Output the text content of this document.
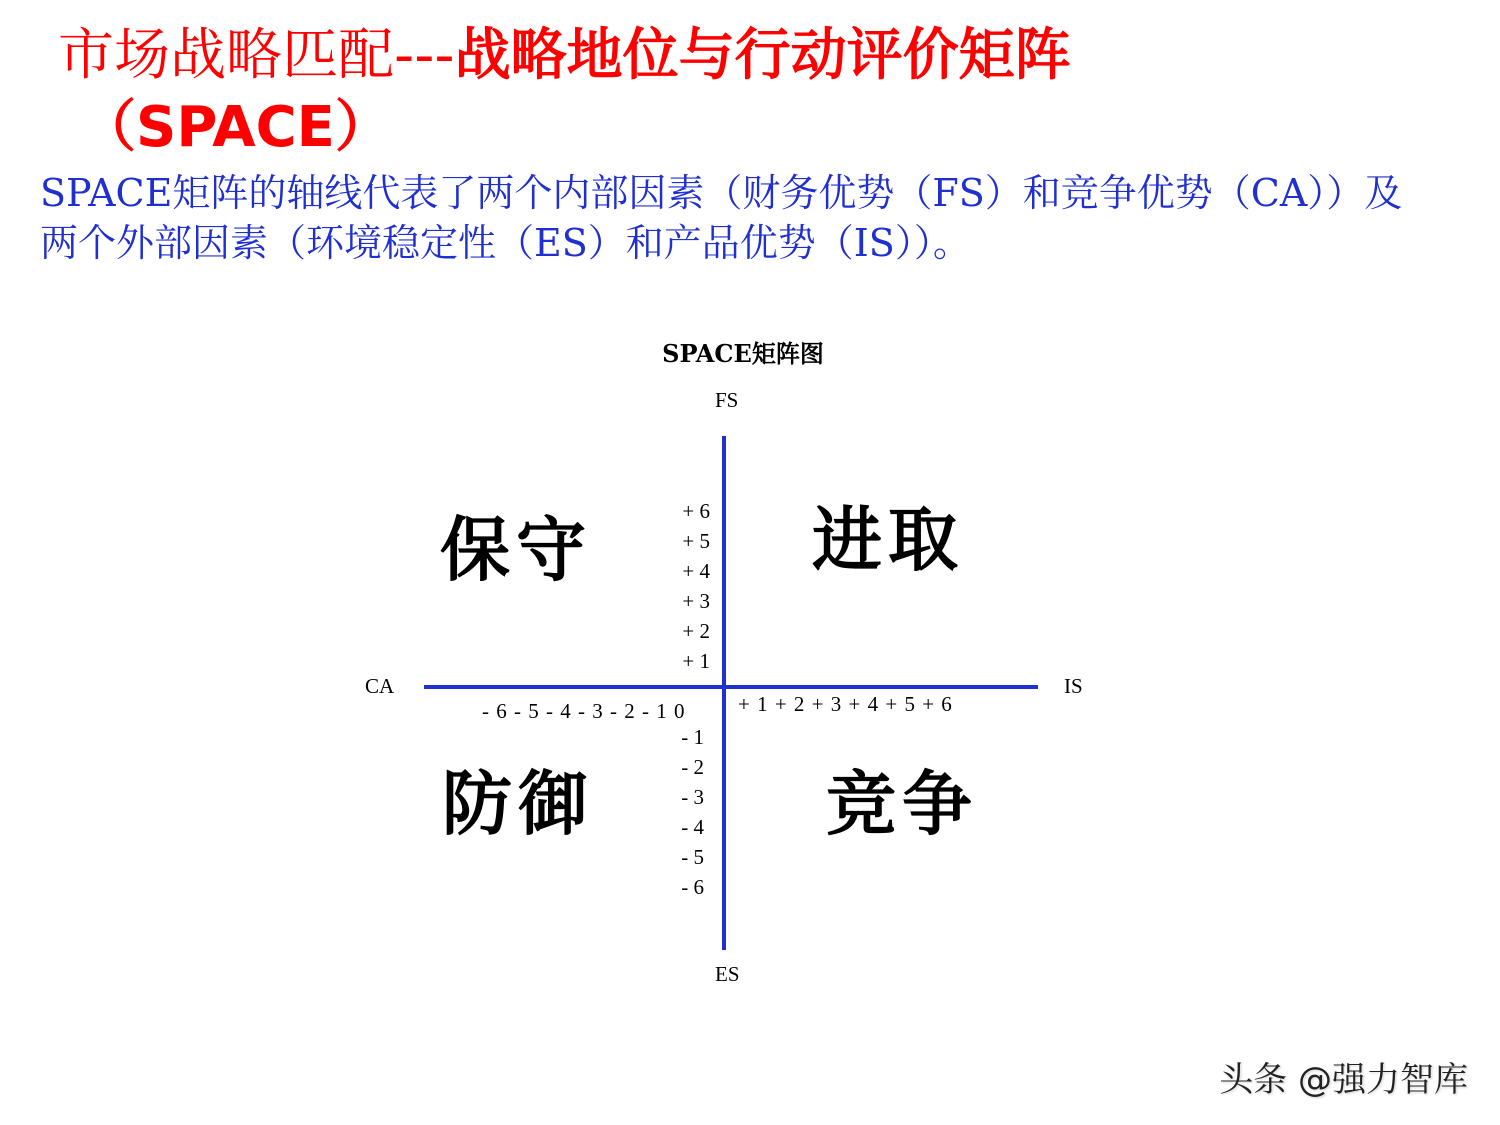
市场战略匹配---战略地位与行动评价矩阵
（SPACE）
SPACE矩阵的轴线代表了两个内部因素（财务优势（FS）和竞争优势（CA））及
两个外部因素（环境稳定性（ES）和产品优势（IS））。
SPACE矩阵图
FS
ES
CA	IS
保守	进取
防御	竞争
+ 6
+ 5
+ 4
+ 3
+ 2
+ 1
- 1
- 2
- 3
- 4
- 5
- 6
- 6 - 5 - 4 - 3 - 2 - 1 0	+ 1 + 2 + 3 + 4 + 5 + 6
头条 @强力智库
